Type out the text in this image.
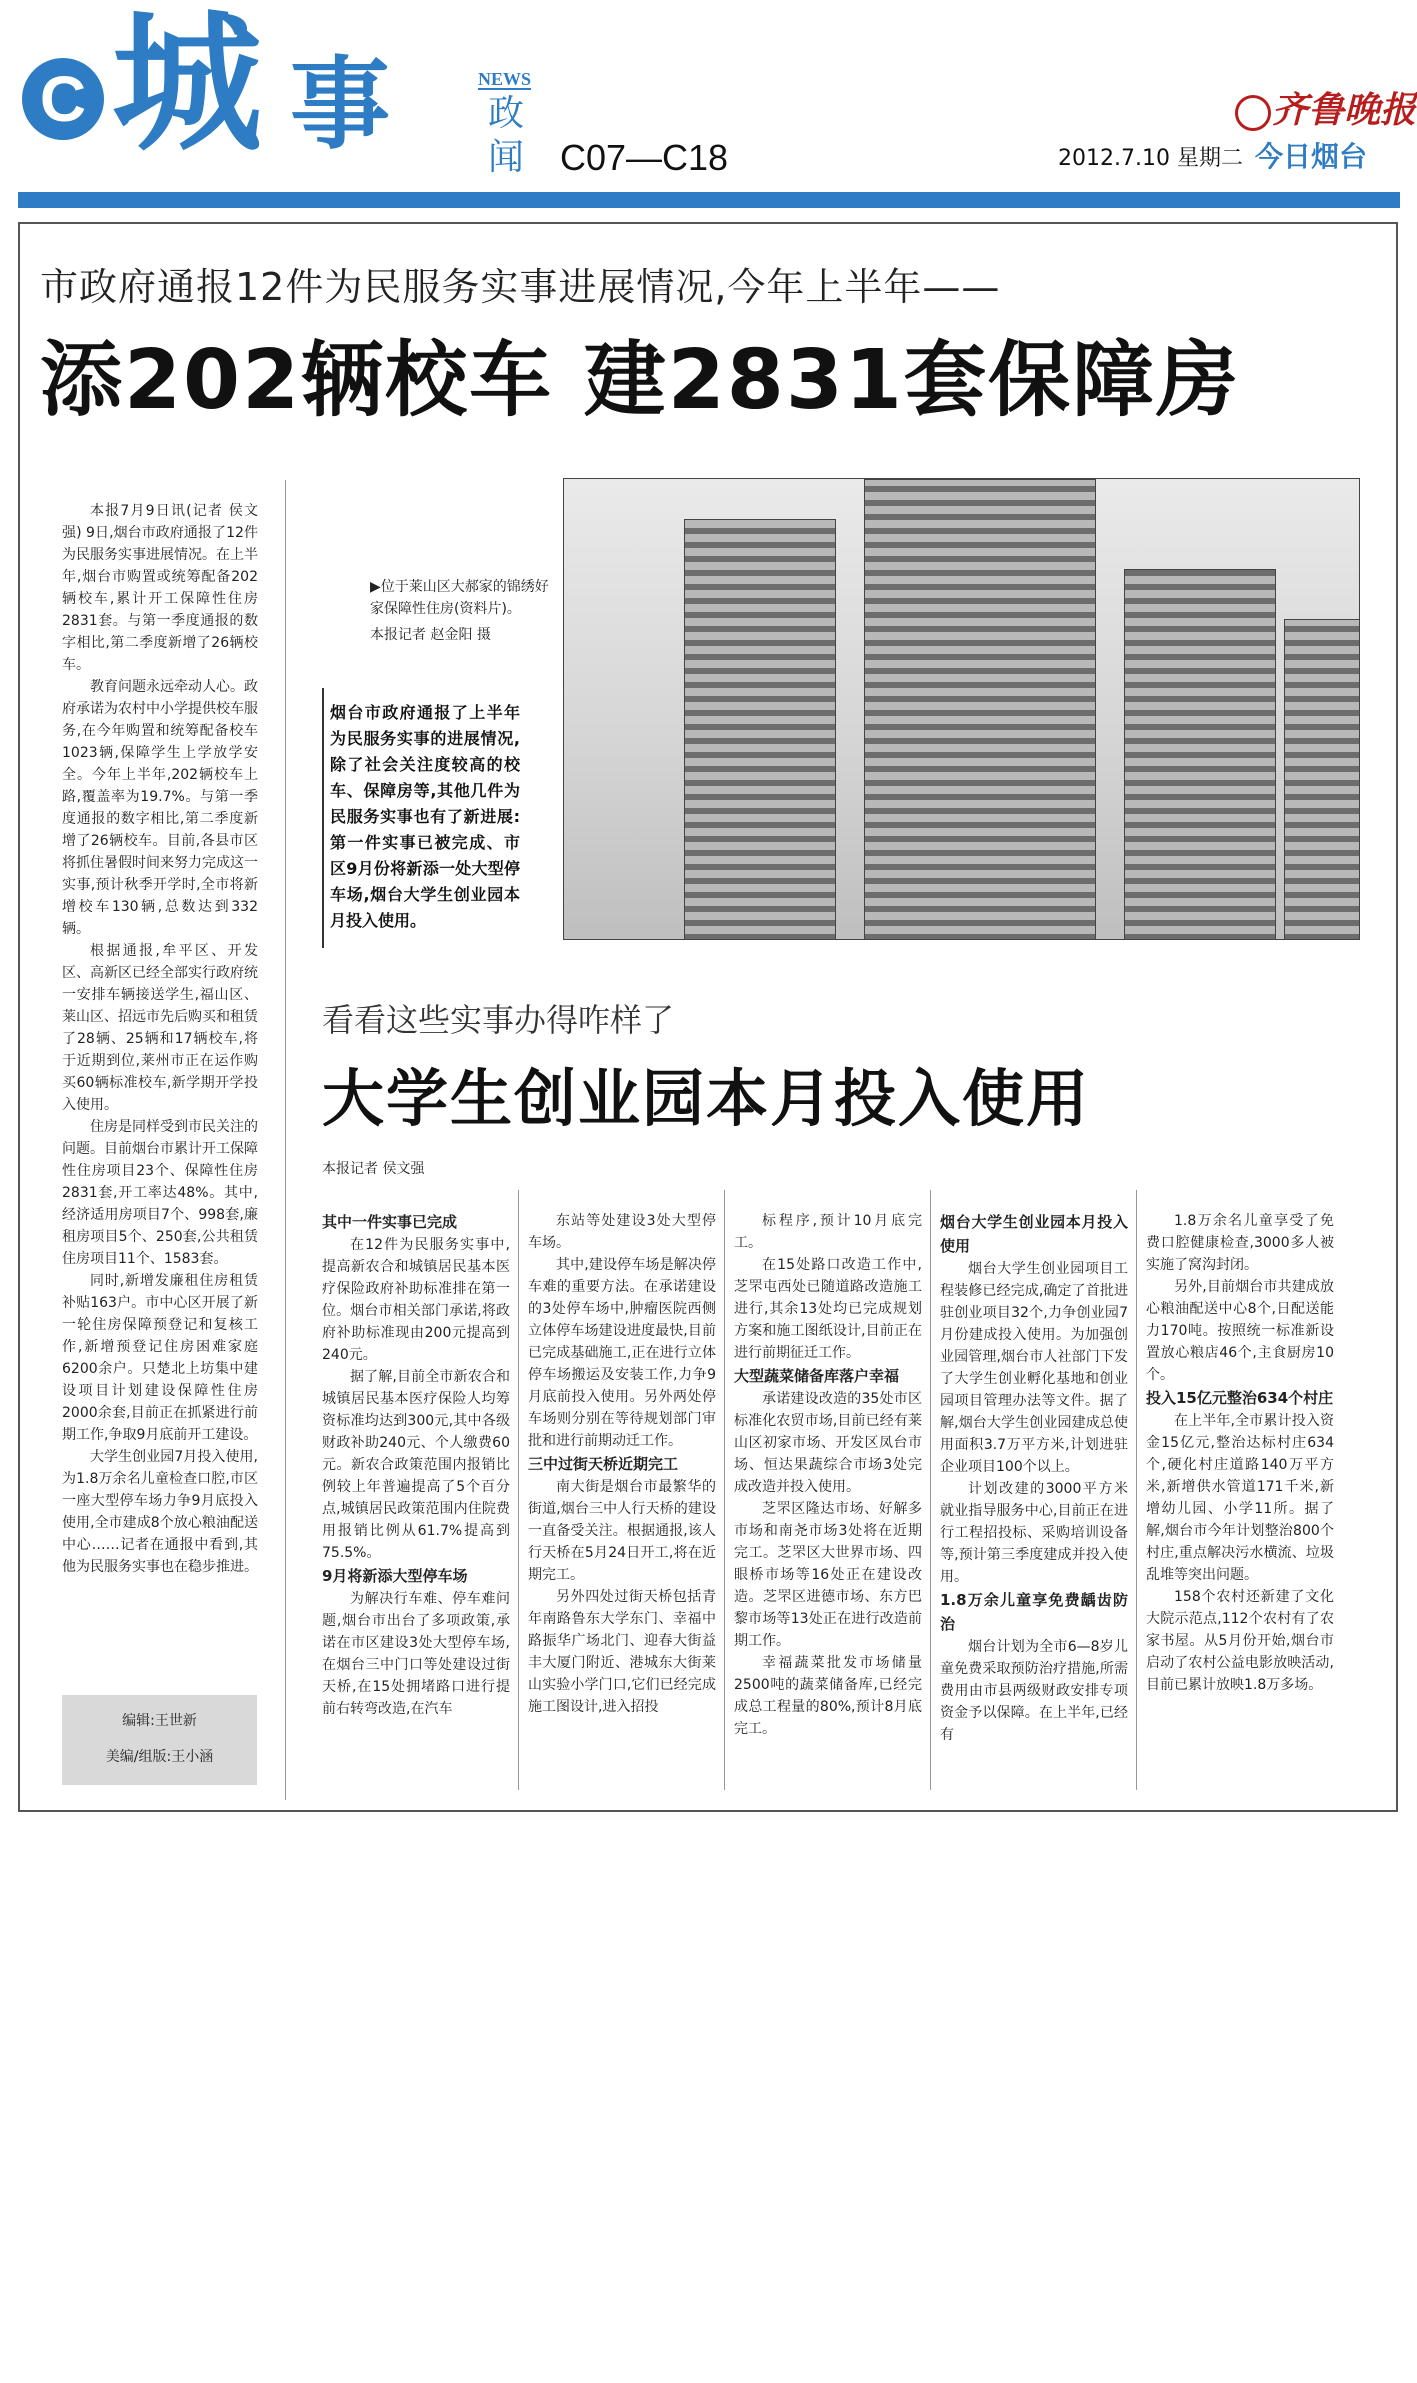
C 城 事	NEWS
政
闻 C07—C18
齐鲁晚报
2012.7.10 星期二 今日烟台
市政府通报12件为民服务实事进展情况,今年上半年——
添202辆校车 建2831套保障房

本报7月9日讯(记者 侯文强) 9日,烟台市政府通报了12件为民服务实事进展情况。在上半年,烟台市购置或统筹配备202辆校车,累计开工保障性住房2831套。与第一季度通报的数字相比,第二季度新增了26辆校车。

教育问题永远牵动人心。政府承诺为农村中小学提供校车服务,在今年购置和统筹配备校车1023辆,保障学生上学放学安全。今年上半年,202辆校车上路,覆盖率为19.7%。与第一季度通报的数字相比,第二季度新增了26辆校车。目前,各县市区将抓住暑假时间来努力完成这一实事,预计秋季开学时,全市将新增校车130辆,总数达到332辆。

根据通报,牟平区、开发区、高新区已经全部实行政府统一安排车辆接送学生,福山区、莱山区、招远市先后购买和租赁了28辆、25辆和17辆校车,将于近期到位,莱州市正在运作购买60辆标准校车,新学期开学投入使用。

住房是同样受到市民关注的问题。目前烟台市累计开工保障性住房项目23个、保障性住房2831套,开工率达48%。其中,经济适用房项目7个、998套,廉租房项目5个、250套,公共租赁住房项目11个、1583套。

同时,新增发廉租住房租赁补贴163户。市中心区开展了新一轮住房保障预登记和复核工作,新增预登记住房困难家庭6200余户。只楚北上坊集中建设项目计划建设保障性住房2000余套,目前正在抓紧进行前期工作,争取9月底前开工建设。

大学生创业园7月投入使用,为1.8万余名儿童检查口腔,市区一座大型停车场力争9月底投入使用,全市建成8个放心粮油配送中心……记者在通报中看到,其他为民服务实事也在稳步推进。

▶位于莱山区大郝家的锦绣好家保障性住房(资料片)。
本报记者 赵金阳 摄
烟台市政府通报了上半年为民服务实事的进展情况,除了社会关注度较高的校车、保障房等,其他几件为民服务实事也有了新进展:第一件实事已被完成、市区9月份将新添一处大型停车场,烟台大学生创业园本月投入使用。
看看这些实事办得咋样了
大学生创业园本月投入使用
本报记者 侯文强

其中一件实事已完成

在12件为民服务实事中,提高新农合和城镇居民基本医疗保险政府补助标准排在第一位。烟台市相关部门承诺,将政府补助标准现由200元提高到240元。

据了解,目前全市新农合和城镇居民基本医疗保险人均筹资标准均达到300元,其中各级财政补助240元、个人缴费60元。新农合政策范围内报销比例较上年普遍提高了5个百分点,城镇居民政策范围内住院费用报销比例从61.7%提高到75.5%。

9月将新添大型停车场

为解决行车难、停车难问题,烟台市出台了多项政策,承诺在市区建设3处大型停车场,在烟台三中门口等处建设过街天桥,在15处拥堵路口进行提前右转弯改造,在汽车

东站等处建设3处大型停车场。

其中,建设停车场是解决停车难的重要方法。在承诺建设的3处停车场中,肿瘤医院西侧立体停车场建设进度最快,目前已完成基础施工,正在进行立体停车场搬运及安装工作,力争9月底前投入使用。另外两处停车场则分别在等待规划部门审批和进行前期动迁工作。

三中过街天桥近期完工

南大街是烟台市最繁华的街道,烟台三中人行天桥的建设一直备受关注。根据通报,该人行天桥在5月24日开工,将在近期完工。

另外四处过街天桥包括青年南路鲁东大学东门、幸福中路振华广场北门、迎春大街益丰大厦门附近、港城东大街莱山实验小学门口,它们已经完成施工图设计,进入招投

标程序,预计10月底完工。

在15处路口改造工作中,芝罘屯西处已随道路改造施工进行,其余13处均已完成规划方案和施工图纸设计,目前正在进行前期征迁工作。

大型蔬菜储备库落户幸福

承诺建设改造的35处市区标准化农贸市场,目前已经有莱山区初家市场、开发区凤台市场、恒达果蔬综合市场3处完成改造并投入使用。

芝罘区隆达市场、好解多市场和南尧市场3处将在近期完工。芝罘区大世界市场、四眼桥市场等16处正在建设改造。芝罘区进德市场、东方巴黎市场等13处正在进行改造前期工作。

幸福蔬菜批发市场储量2500吨的蔬菜储备库,已经完成总工程量的80%,预计8月底完工。

烟台大学生创业园本月投入使用

烟台大学生创业园项目工程装修已经完成,确定了首批进驻创业项目32个,力争创业园7月份建成投入使用。为加强创业园管理,烟台市人社部门下发了大学生创业孵化基地和创业园项目管理办法等文件。据了解,烟台大学生创业园建成总使用面积3.7万平方米,计划进驻企业项目100个以上。

计划改建的3000平方米就业指导服务中心,目前正在进行工程招投标、采购培训设备等,预计第三季度建成并投入使用。

1.8万余儿童享免费龋齿防治

烟台计划为全市6—8岁儿童免费采取预防治疗措施,所需费用由市县两级财政安排专项资金予以保障。在上半年,已经有

1.8万余名儿童享受了免费口腔健康检查,3000多人被实施了窝沟封闭。

另外,目前烟台市共建成放心粮油配送中心8个,日配送能力170吨。按照统一标准新设置放心粮店46个,主食厨房10个。

投入15亿元整治634个村庄

在上半年,全市累计投入资金15亿元,整治达标村庄634个,硬化村庄道路140万平方米,新增供水管道171千米,新增幼儿园、小学11所。据了解,烟台市今年计划整治800个村庄,重点解决污水横流、垃圾乱堆等突出问题。

158个农村还新建了文化大院示范点,112个农村有了农家书屋。从5月份开始,烟台市启动了农村公益电影放映活动,目前已累计放映1.8万多场。

编辑:王世新
美编/组版:王小涵
